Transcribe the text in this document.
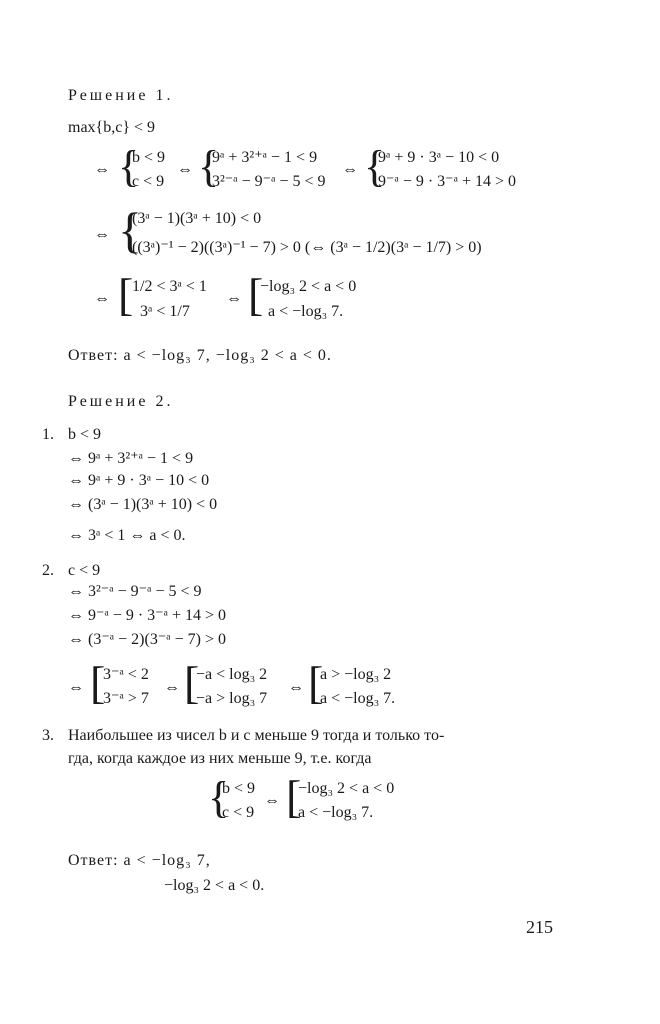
Решение 1.
max{b,c} < 9
⇔ {
b < 9
c < 9
⇔ {
9ᵃ + 3²⁺ᵃ − 1 < 9
3²⁻ᵃ − 9⁻ᵃ − 5 < 9
⇔ {
9ᵃ + 9 · 3ᵃ − 10 < 0
9⁻ᵃ − 9 · 3⁻ᵃ + 14 > 0
⇔ {
(3ᵃ − 1)(3ᵃ + 10) < 0
((3ᵃ)⁻¹ − 2)((3ᵃ)⁻¹ − 7) > 0 (⇔ (3ᵃ − 1/2)(3ᵃ − 1/7) > 0)
⇔ [
1/2 < 3ᵃ < 1
3ᵃ < 1/7
⇔ [
−log₃ 2 < a < 0
a < −log₃ 7.
Ответ: a < −log₃ 7, −log₃ 2 < a < 0.
Решение 2.
1. b < 9
⇔ 9ᵃ + 3²⁺ᵃ − 1 < 9
⇔ 9ᵃ + 9 · 3ᵃ − 10 < 0
⇔ (3ᵃ − 1)(3ᵃ + 10) < 0
⇔ 3ᵃ < 1 ⇔ a < 0.
2. c < 9
⇔ 3²⁻ᵃ − 9⁻ᵃ − 5 < 9
⇔ 9⁻ᵃ − 9 · 3⁻ᵃ + 14 > 0
⇔ (3⁻ᵃ − 2)(3⁻ᵃ − 7) > 0
⇔ [
3⁻ᵃ < 2
3⁻ᵃ > 7
⇔ [
−a < log₃ 2
−a > log₃ 7
⇔ [
a > −log₃ 2
a < −log₃ 7.
3. Наибольшее из чисел b и c меньше 9 тогда и только то-
гда, когда каждое из них меньше 9, т.е. когда
{
b < 9
c < 9
⇔ [
−log₃ 2 < a < 0
a < −log₃ 7.
Ответ: a < −log₃ 7,
−log₃ 2 < a < 0.
215
